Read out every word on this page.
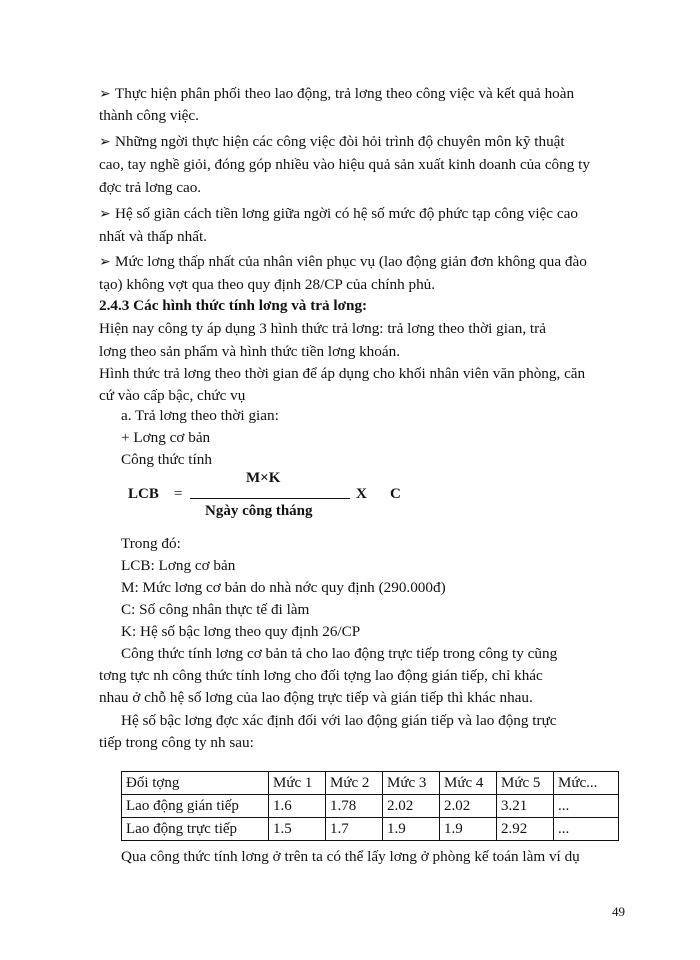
➢ Thực hiện phân phối theo lao động, trả lơng theo công việc và kết quả hoàn
thành công việc.
➢ Những ngời thực hiện các công việc đòi hỏi trình độ chuyên môn kỹ thuật
cao, tay nghề giỏi, đóng góp nhiều vào hiệu quả sản xuất kinh doanh của công ty
đợc trả lơng cao.
➢ Hệ số giãn cách tiền lơng giữa ngời có hệ số mức độ phức tạp công việc cao
nhất và thấp nhất.
➢ Mức lơng thấp nhất của nhân viên phục vụ (lao động giản đơn không qua đào
tạo) không vợt qua theo quy định 28/CP của chính phủ.
2.4.3 Các hình thức tính lơng và trả lơng:
Hiện nay công ty áp dụng 3 hình thức trả lơng: trả lơng theo thời gian, trả
lơng theo sản phẩm và hình thức tiền lơng khoán.
Hình thức trả lơng theo thời gian để áp dụng cho khối nhân viên văn phòng, căn
cứ vào cấp bậc, chức vụ
a. Trả lơng theo thời gian:
+ Lơng cơ bản
Công thức tính
LCB =
M×K
Ngày công tháng
X C
Trong đó:
LCB: Lơng cơ bản
M: Mức lơng cơ bản do nhà nớc quy định (290.000đ)
C: Số công nhân thực tế đi làm
K: Hệ số bậc lơng theo quy định 26/CP
Công thức tính lơng cơ bản tả cho lao động trực tiếp trong công ty cũng
tơng tực nh công thức tính lơng cho đối tợng lao động gián tiếp, chỉ khác
nhau ở chỗ hệ số lơng của lao động trực tiếp và gián tiếp thì khác nhau.
Hệ số bậc lơng đợc xác định đối với lao động gián tiếp và lao động trực
tiếp trong công ty nh sau:
Đối tợng	Mức 1	Mức 2	Mức 3	Mức 4	Mức 5	Mức...
Lao động gián tiếp	1.6	1.78	2.02	2.02	3.21	...
Lao động trực tiếp	1.5	1.7	1.9	1.9	2.92	...
Qua công thức tính lơng ở trên ta có thể lấy lơng ở phòng kế toán làm ví dụ
49
